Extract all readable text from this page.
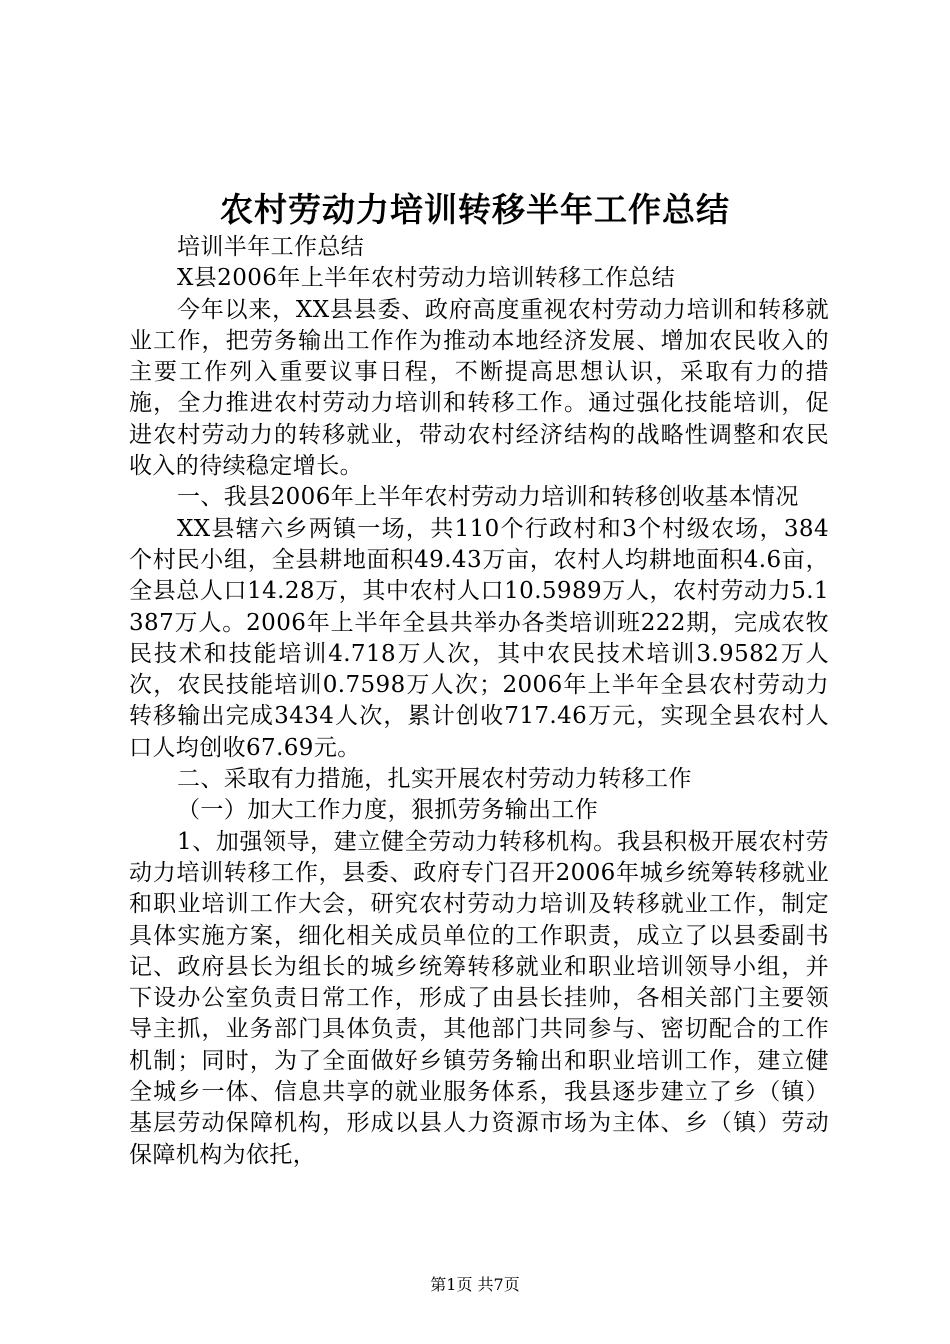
农村劳动力培训转移半年工作总结

培训半年工作总结

X县2006年上半年农村劳动力培训转移工作总结

今年以来，XX县县委、政府高度重视农村劳动力培训和转移就业工作，把劳务输出工作作为推动本地经济发展、增加农民收入的主要工作列入重要议事日程，不断提高思想认识，采取有力的措施，全力推进农村劳动力培训和转移工作。通过强化技能培训，促进农村劳动力的转移就业，带动农村经济结构的战略性调整和农民收入的待续稳定增长。

一、我县2006年上半年农村劳动力培训和转移创收基本情况

XX县辖六乡两镇一场，共110个行政村和3个村级农场，384个村民小组，全县耕地面积49.43万亩，农村人均耕地面积4.6亩，全县总人口14.28万，其中农村人口10.5989万人，农村劳动力5.1387万人。2006年上半年全县共举办各类培训班222期，完成农牧民技术和技能培训4.718万人次，其中农民技术培训3.9582万人次，农民技能培训0.7598万人次；2006年上半年全县农村劳动力转移输出完成3434人次，累计创收717.46万元，实现全县农村人口人均创收67.69元。

二、采取有力措施，扎实开展农村劳动力转移工作

（一）加大工作力度，狠抓劳务输出工作

1、加强领导，建立健全劳动力转移机构。我县积极开展农村劳动力培训转移工作，县委、政府专门召开2006年城乡统筹转移就业和职业培训工作大会，研究农村劳动力培训及转移就业工作，制定具体实施方案，细化相关成员单位的工作职责，成立了以县委副书记、政府县长为组长的城乡统筹转移就业和职业培训领导小组，并下设办公室负责日常工作，形成了由县长挂帅，各相关部门主要领导主抓，业务部门具体负责，其他部门共同参与、密切配合的工作机制；同时，为了全面做好乡镇劳务输出和职业培训工作，建立健全城乡一体、信息共享的就业服务体系，我县逐步建立了乡（镇）基层劳动保障机构，形成以县人力资源市场为主体、乡（镇）劳动保障机构为依托，

第1页 共7页
